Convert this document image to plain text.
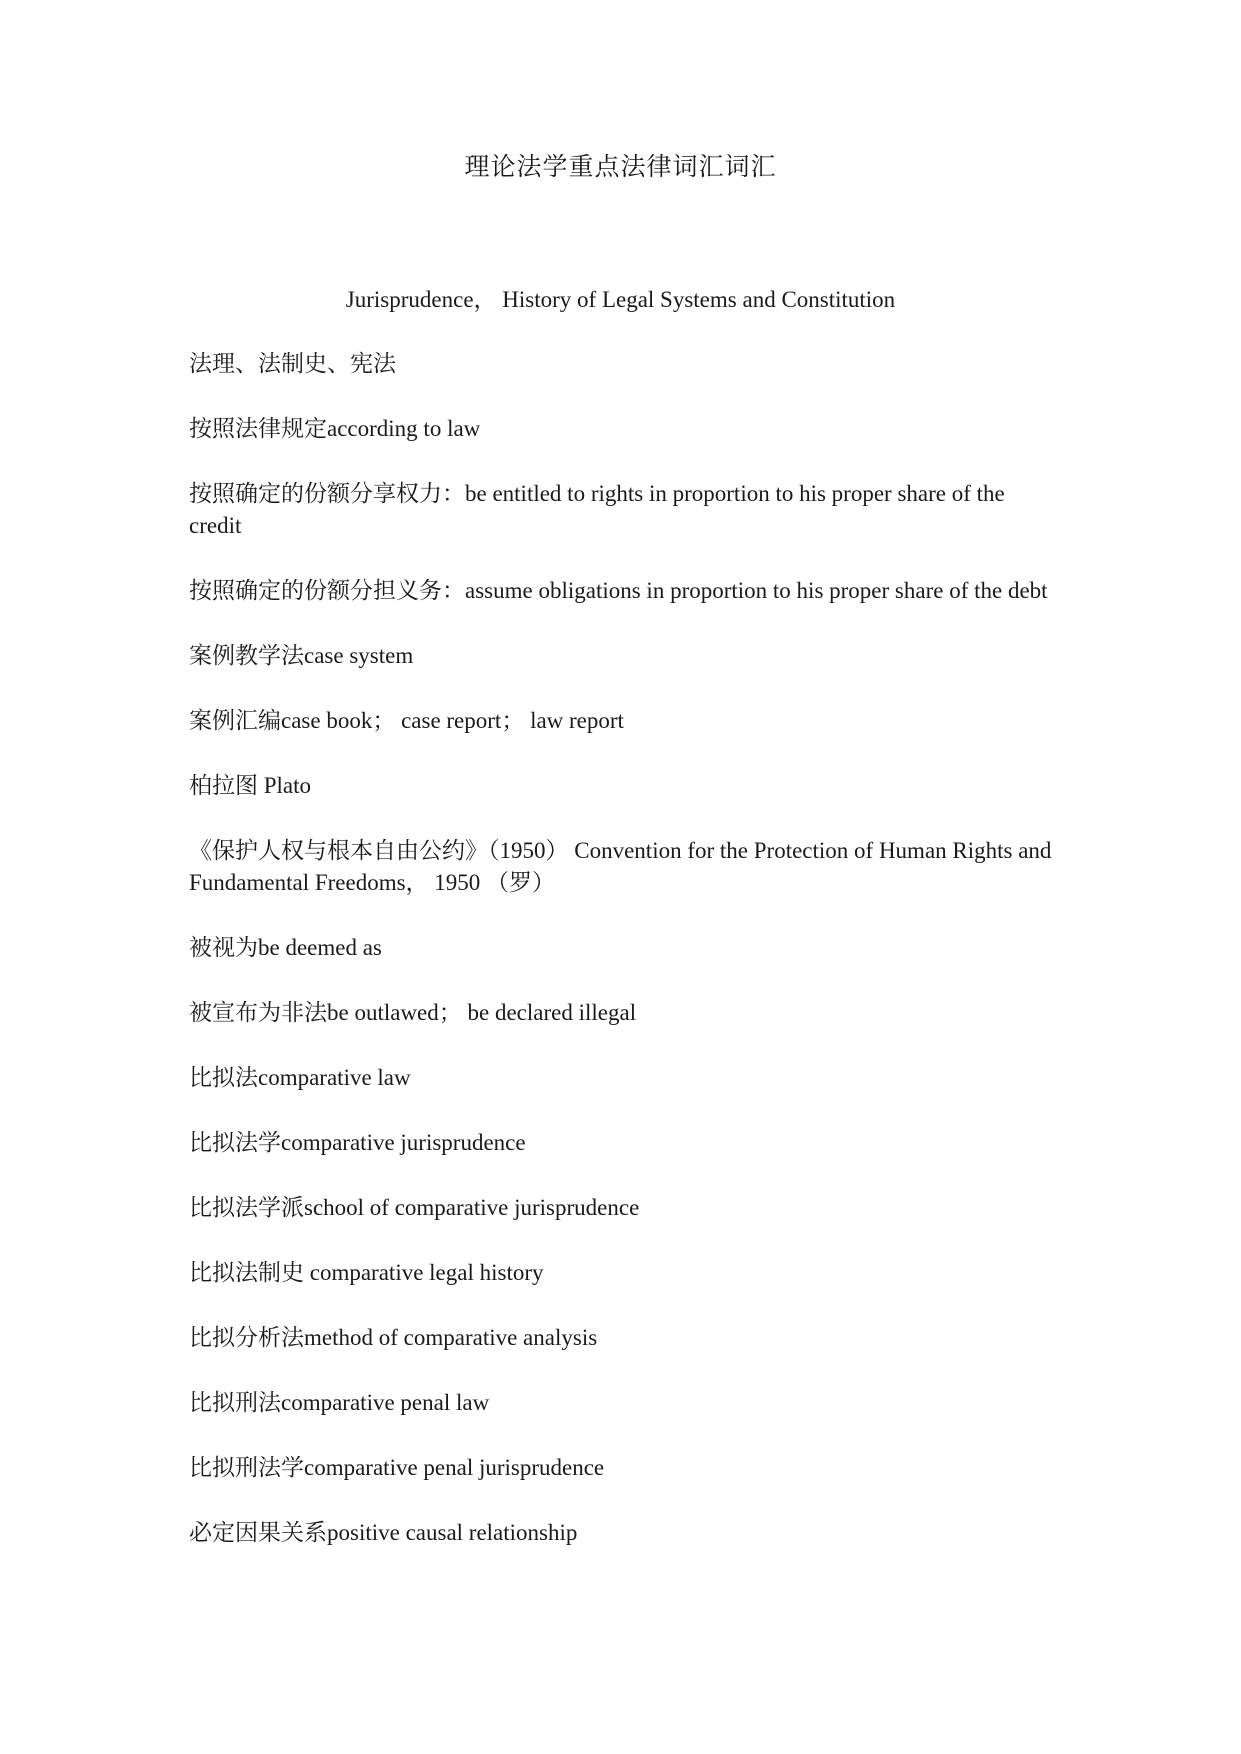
理论法学重点法律词汇词汇
Jurisprudence， History of Legal Systems and Constitution
法理、法制史、宪法
按照法律规定according to law
按照确定的份额分享权力：be entitled to rights in proportion to his proper share of the credit
按照确定的份额分担义务：assume obligations in proportion to his proper share of the debt
案例教学法case system
案例汇编case book； case report； law report
柏拉图 Plato
《保护人权与根本自由公约》（1950） Convention for the Protection of Human Rights and Fundamental Freedoms， 1950 （罗）
被视为be deemed as
被宣布为非法be outlawed； be declared illegal
比拟法comparative law
比拟法学comparative jurisprudence
比拟法学派school of comparative jurisprudence
比拟法制史 comparative legal history
比拟分析法method of comparative analysis
比拟刑法comparative penal law
比拟刑法学comparative penal jurisprudence
必定因果关系positive causal relationship
